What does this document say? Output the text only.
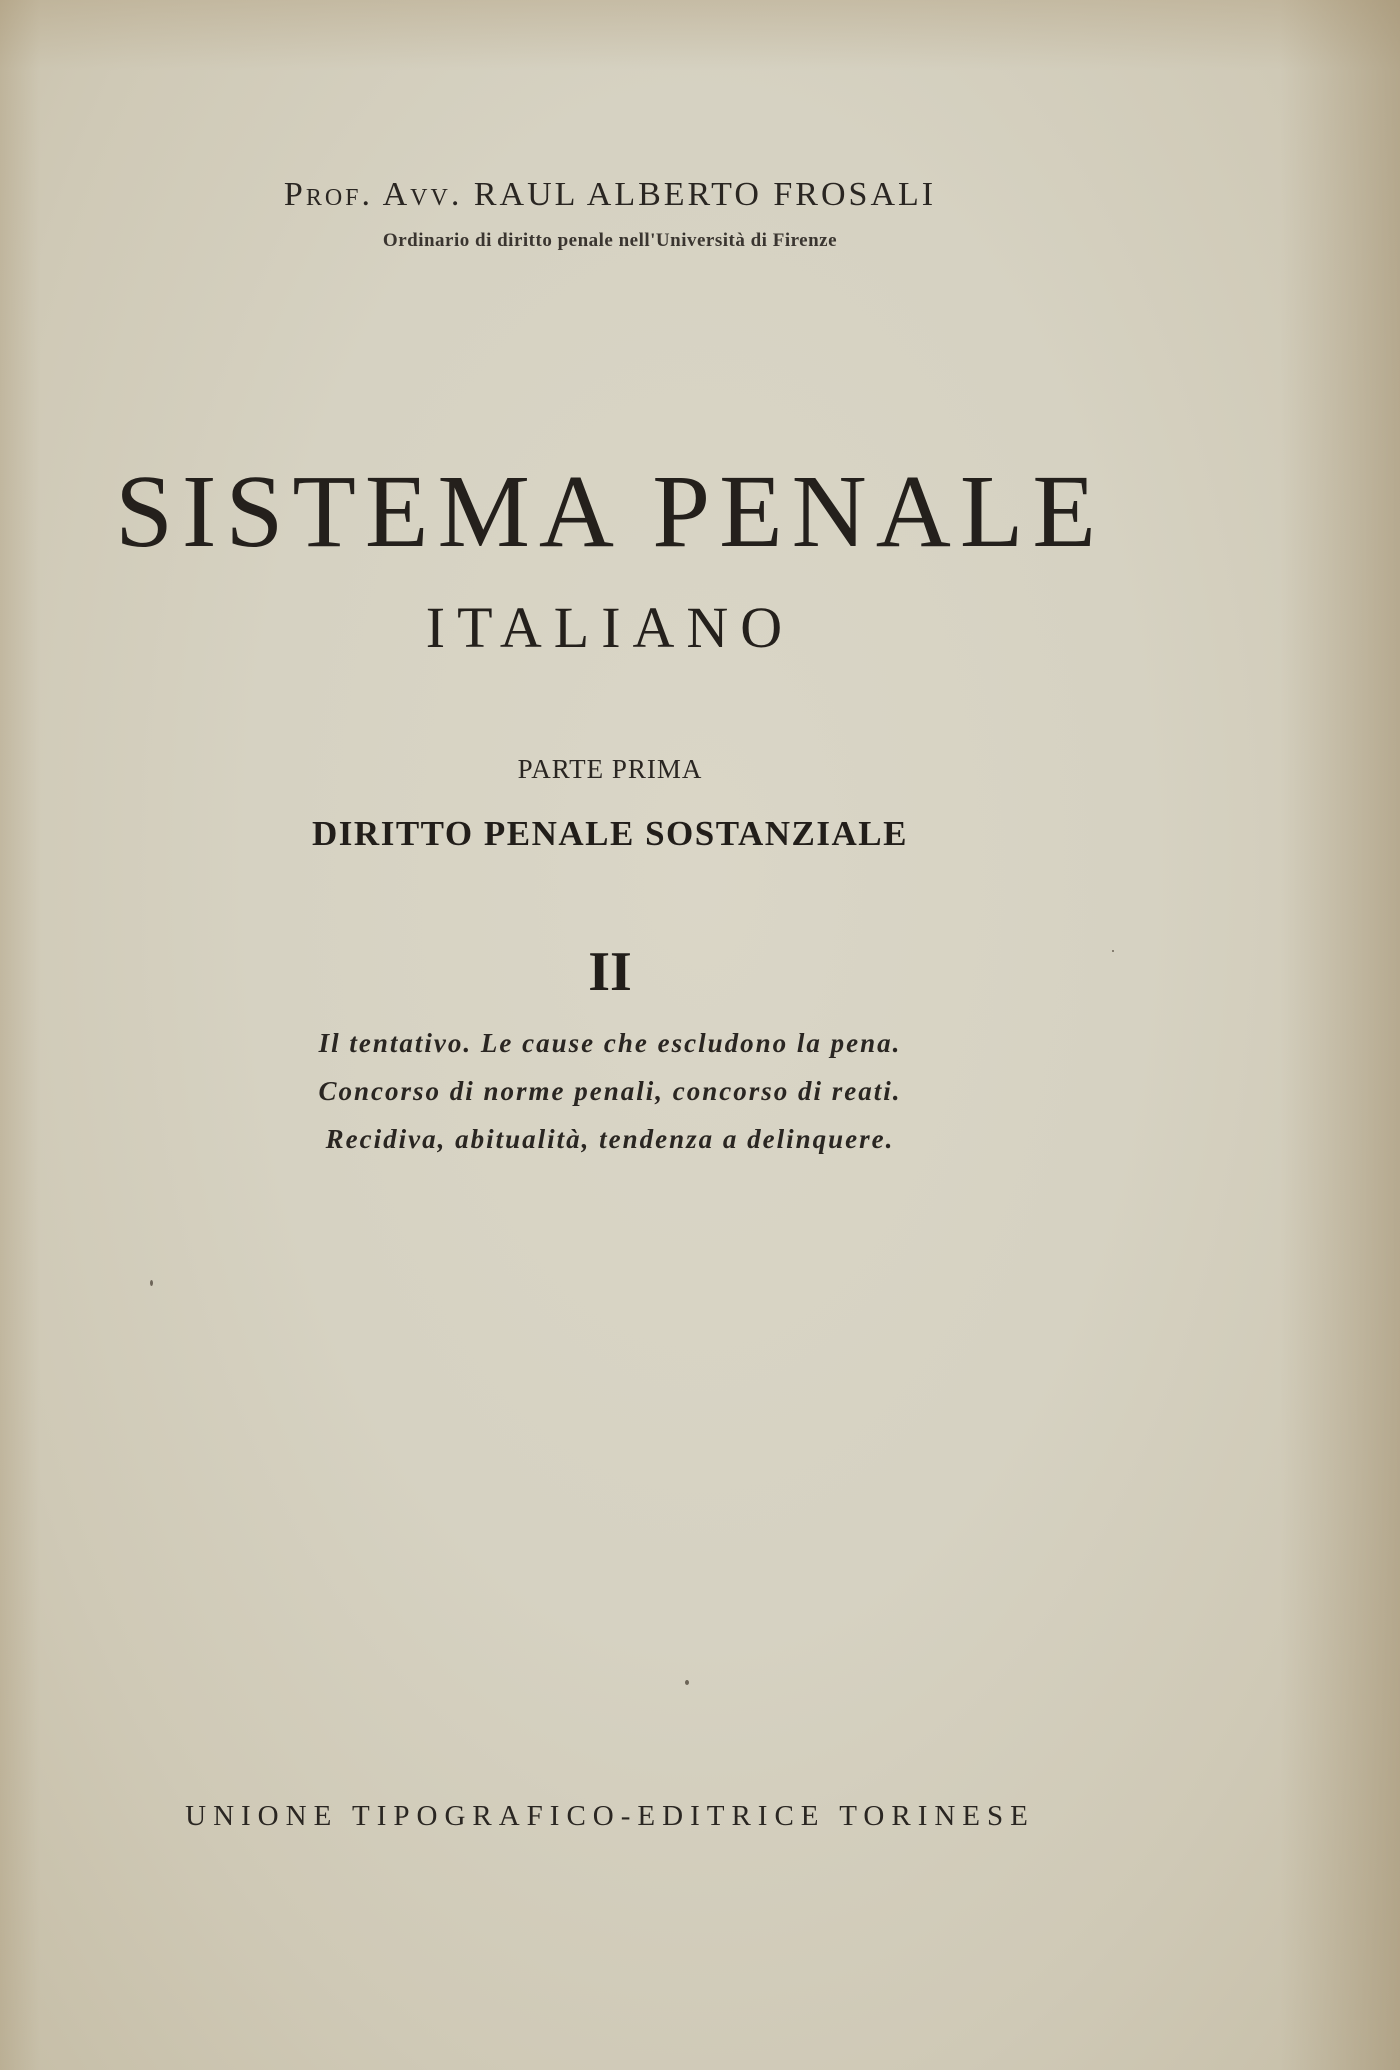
Prof. Avv. RAUL ALBERTO FROSALI
Ordinario di diritto penale nell'Università di Firenze
SISTEMA PENALE
ITALIANO
PARTE PRIMA
DIRITTO PENALE SOSTANZIALE
II
Il tentativo. Le cause che escludono la pena.
Concorso di norme penali, concorso di reati.
Recidiva, abitualità, tendenza a delinquere.
UNIONE TIPOGRAFICO-EDITRICE TORINESE
